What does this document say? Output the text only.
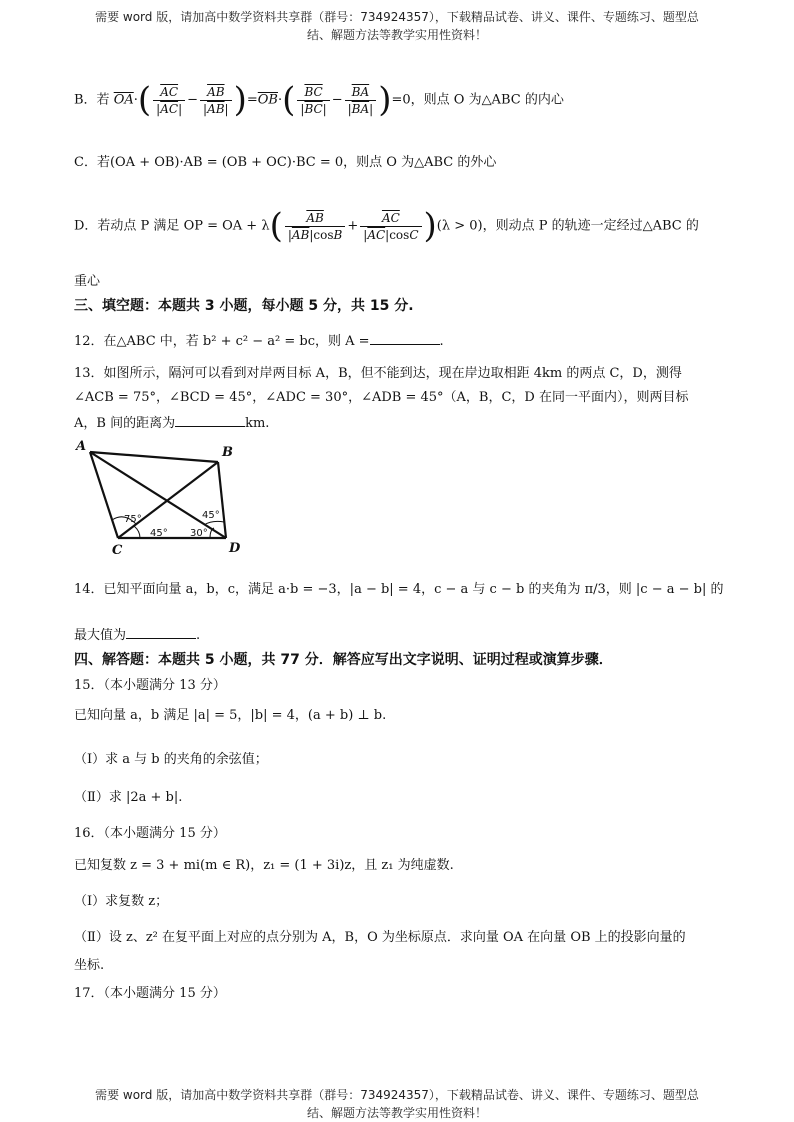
需要 word 版，请加高中数学资料共享群（群号：734924357），下载精品试卷、讲义、课件、专题练习、题型总
结、解题方法等教学实用性资料！
B．若 $\overline{OA}\cdot( \frac{\overline{AC}}{|\overline{AC}|} - \frac{\overline{AB}}{|\overline{AB}|} )=\overline{OB}\cdot( \frac{\overline{BC}}{|\overline{BC}|} - \frac{\overline{BA}}{|\overline{BA}|} )=0$，则点 O 为△ABC 的内心
C．若(OA + OB)·AB = (OB + OC)·BC = 0，则点 O 为△ABC 的外心
D．若动点 P 满足 OP = OA + $\lambda( \frac{\overline{AB}}{|\overline{AB}|\cos B} + \frac{\overline{AC}}{|\overline{AC}|\cos C} )(\lambda > 0)$，则动点 P 的轨迹一定经过△ABC 的
重心
三、填空题：本题共 3 小题，每小题 5 分，共 15 分.
12．在△ABC 中，若 b² + c² − a² = bc，则 A =	.
13．如图所示，隔河可以看到对岸两目标 A，B，但不能到达，现在岸边取相距 4km 的两点 C，D，测得
∠ACB = 75°，∠BCD = 45°，∠ADC = 30°，∠ADB = 45°（A，B，C，D 在同一平面内），则两目标
A，B 间的距离为	km.
75°
45°
45°
30°
A	B
C	D
14．已知平面向量 a，b，c，满足 a·b = −3，|a − b| = 4，c − a 与 c − b 的夹角为 π/3，则 |c − a − b| 的
最大值为	.
四、解答题：本题共 5 小题，共 77 分．解答应写出文字说明、证明过程或演算步骤．
15．（本小题满分 13 分）
已知向量 a，b 满足 |a| = 5，|b| = 4，(a + b) ⊥ b.
（Ⅰ）求 a 与 b 的夹角的余弦值；
（Ⅱ）求 |2a + b|.
16．（本小题满分 15 分）
已知复数 z = 3 + mi(m ∈ R)，z₁ = (1 + 3i)z，且 z₁ 为纯虚数.
（Ⅰ）求复数 z；
（Ⅱ）设 z、z² 在复平面上对应的点分别为 A，B，O 为坐标原点．求向量 OA 在向量 OB 上的投影向量的
坐标.
17．（本小题满分 15 分）
需要 word 版，请加高中数学资料共享群（群号：734924357），下载精品试卷、讲义、课件、专题练习、题型总
结、解题方法等教学实用性资料！
